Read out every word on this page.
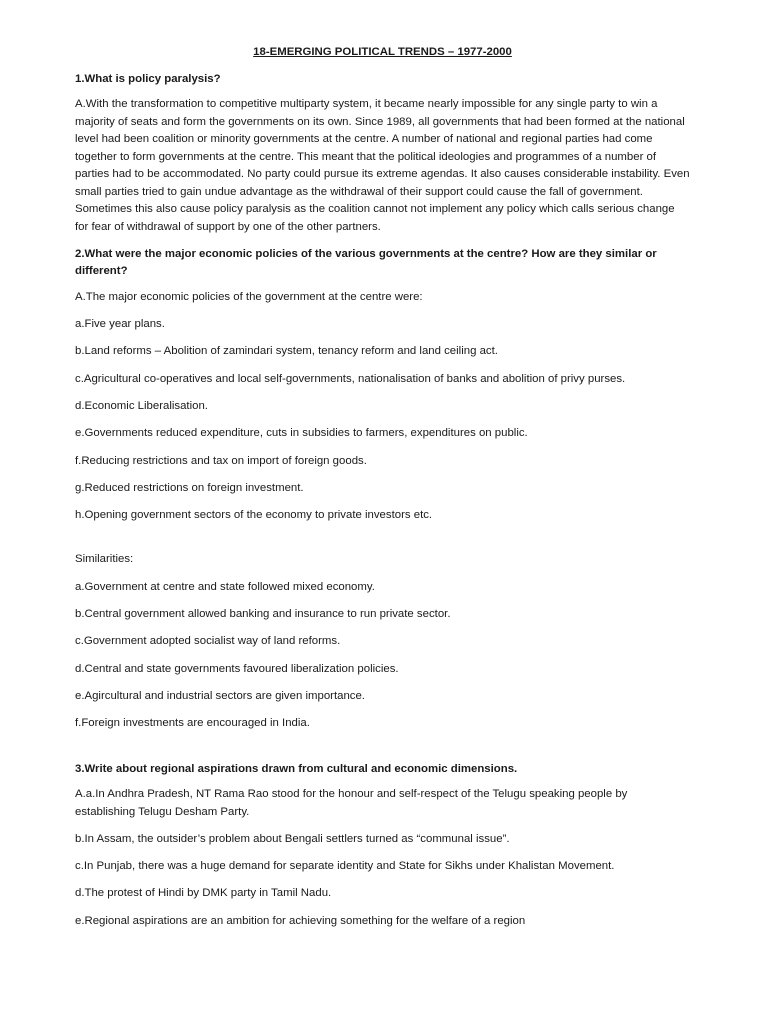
18-EMERGING POLITICAL TRENDS – 1977-2000
1.What is policy paralysis?
A.With the transformation to competitive multiparty system, it became nearly impossible for any single party to win a majority of seats and form the governments on its own. Since 1989, all governments that had been formed at the national level had been coalition or minority governments at the centre. A number of national and regional parties had come together to form governments at the centre. This meant that the political ideologies and programmes of a number of parties had to be accommodated. No party could pursue its extreme agendas. It also causes considerable instability. Even small parties tried to gain undue advantage as the withdrawal of their support could cause the fall of government. Sometimes this also cause policy paralysis as the coalition cannot not implement any policy which calls serious change for fear of withdrawal of support by one of the other partners.
2.What were the major economic policies of the various governments at the centre? How are they similar or different?
A.The major economic policies of the government at the centre were:
a.Five year plans.
b.Land reforms – Abolition of zamindari system, tenancy reform and land ceiling act.
c.Agricultural co-operatives and local self-governments, nationalisation of banks and abolition of privy purses.
d.Economic Liberalisation.
e.Governments reduced expenditure, cuts in subsidies to farmers, expenditures on public.
f.Reducing restrictions and tax on import of foreign goods.
g.Reduced restrictions on foreign investment.
h.Opening government sectors of the economy to private investors etc.
Similarities:
a.Government at centre and state followed mixed economy.
b.Central government allowed banking and insurance to run private sector.
c.Government adopted socialist way of land reforms.
d.Central and state governments favoured liberalization policies.
e.Agircultural and industrial sectors are given importance.
f.Foreign investments are encouraged in India.
3.Write about regional aspirations drawn from cultural and economic dimensions.
A.a.In Andhra Pradesh, NT Rama Rao stood for the honour and self-respect of the Telugu speaking people by establishing Telugu Desham Party.
b.In Assam, the outsider’s problem about Bengali settlers turned as “communal issue”.
c.In Punjab, there was a huge demand for separate identity and State for Sikhs under Khalistan Movement.
d.The protest of Hindi by DMK party in Tamil Nadu.
e.Regional aspirations are an ambition for achieving something for the welfare of a region
